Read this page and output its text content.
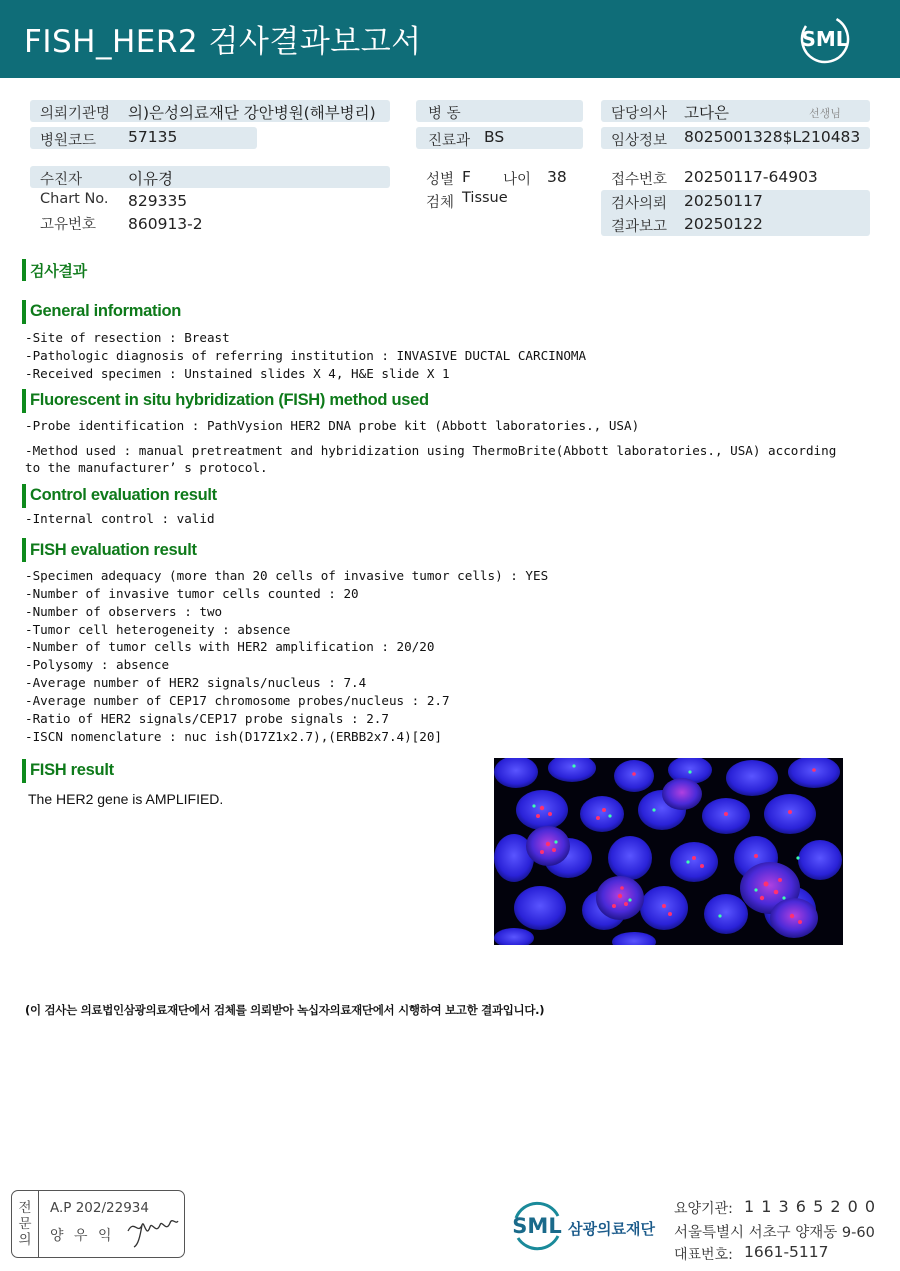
FISH_HER2 검사결과보고서	SML
의뢰기관명 의)은성의료재단 강안병원(해부병리)
병원코드 57135
병 동
진료과 BS
담당의사 고다은	선생님
임상정보 8025001328$L210483
수진자	이유경
Chart No. 829335
고유번호 860913-2
성별 F 나이 38
검체 Tissue
접수번호 20250117-64903
검사의뢰 20250117
결과보고 20250122
검사결과
General information
-Site of resection : Breast
-Pathologic diagnosis of referring institution : INVASIVE DUCTAL CARCINOMA
-Received specimen : Unstained slides X 4, H&E slide X 1
Fluorescent in situ hybridization (FISH) method used
-Probe identification : PathVysion HER2 DNA probe kit (Abbott laboratories., USA)
-Method used : manual pretreatment and hybridization using ThermoBrite(Abbott laboratories., USA) according
to the manufacturer’ s protocol.
Control evaluation result
-Internal control : valid
FISH evaluation result
-Specimen adequacy (more than 20 cells of invasive tumor cells) : YES
-Number of invasive tumor cells counted : 20
-Number of observers : two
-Tumor cell heterogeneity : absence
-Number of tumor cells with HER2 amplification : 20/20
-Polysomy : absence
-Average number of HER2 signals/nucleus : 7.4
-Average number of CEP17 chromosome probes/nucleus : 2.7
-Ratio of HER2 signals/CEP17 probe signals : 2.7
-ISCN nomenclature : nuc ish(D17Z1x2.7),(ERBB2x7.4)[20]
FISH result
The HER2 gene is AMPLIFIED.
(이 검사는 의료법인삼광의료재단에서 검체를 의뢰받아 녹십자의료재단에서 시행하여 보고한 결과입니다.)
전
문
의
A.P 202/22934
양 우 익	SML 삼광의료재단
요양기관: 1 1 3 6 5 2 0 0
서울특별시 서초구 양재동 9-60
대표번호: 1661-5117
